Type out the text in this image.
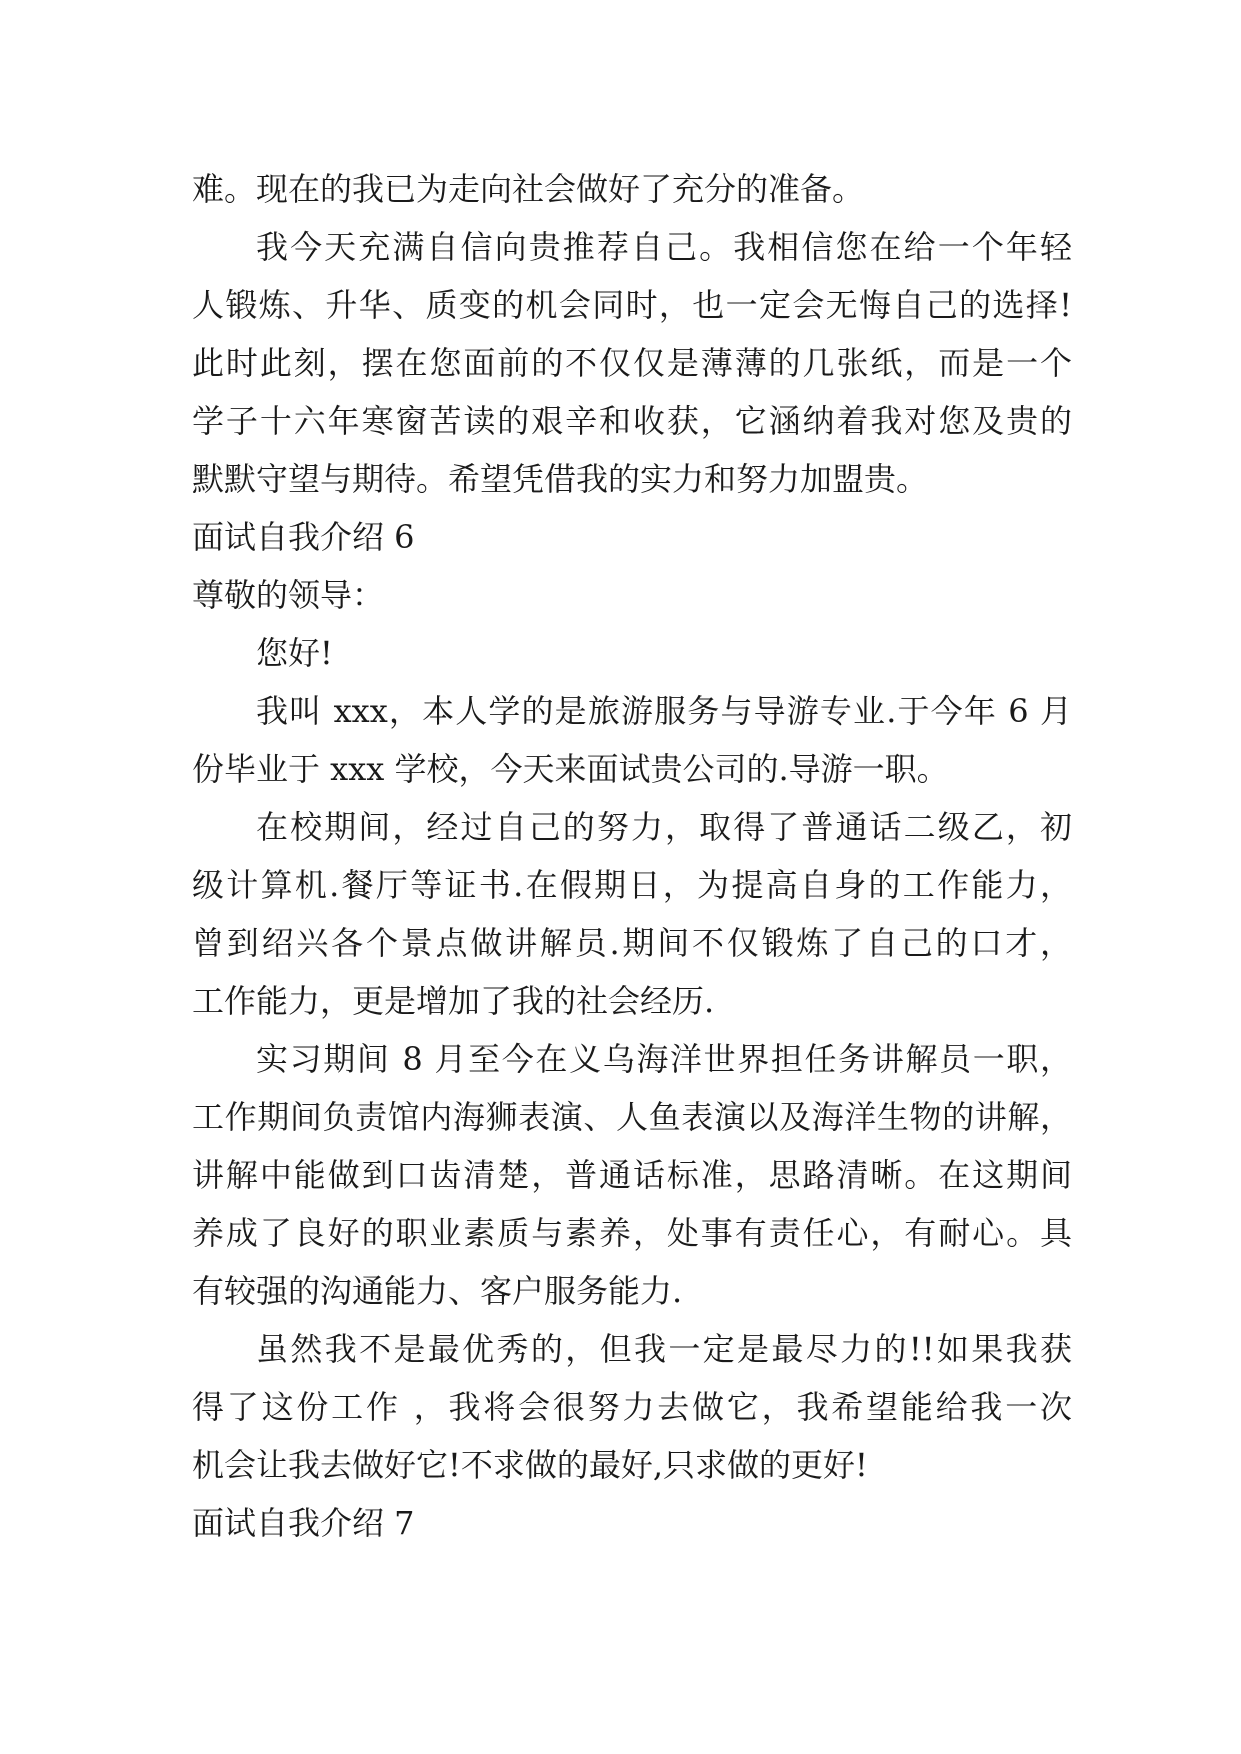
难。现在的我已为走向社会做好了充分的准备。
我今天充满自信向贵推荐自己。我相信您在给一个年轻
人锻炼、升华、质变的机会同时，也一定会无悔自己的选择!
此时此刻，摆在您面前的不仅仅是薄薄的几张纸，而是一个
学子十六年寒窗苦读的艰辛和收获，它涵纳着我对您及贵的
默默守望与期待。希望凭借我的实力和努力加盟贵。
面试自我介绍 6
尊敬的领导：
您好!
我叫 xxx，本人学的是旅游服务与导游专业.于今年 6 月
份毕业于 xxx 学校，今天来面试贵公司的.导游一职。
在校期间，经过自己的努力，取得了普通话二级乙，初
级计算机.餐厅等证书.在假期日，为提高自身的工作能力，
曾到绍兴各个景点做讲解员.期间不仅锻炼了自己的口才，
工作能力，更是增加了我的社会经历.
实习期间 8 月至今在义乌海洋世界担任务讲解员一职，
工作期间负责馆内海狮表演、人鱼表演以及海洋生物的讲解，
讲解中能做到口齿清楚，普通话标准，思路清晰。在这期间
养成了良好的职业素质与素养，处事有责任心，有耐心。具
有较强的沟通能力、客户服务能力.
虽然我不是最优秀的，但我一定是最尽力的!!如果我获
得了这份工作 ，我将会很努力去做它，我希望能给我一次
机会让我去做好它!不求做的最好,只求做的更好!
面试自我介绍 7
